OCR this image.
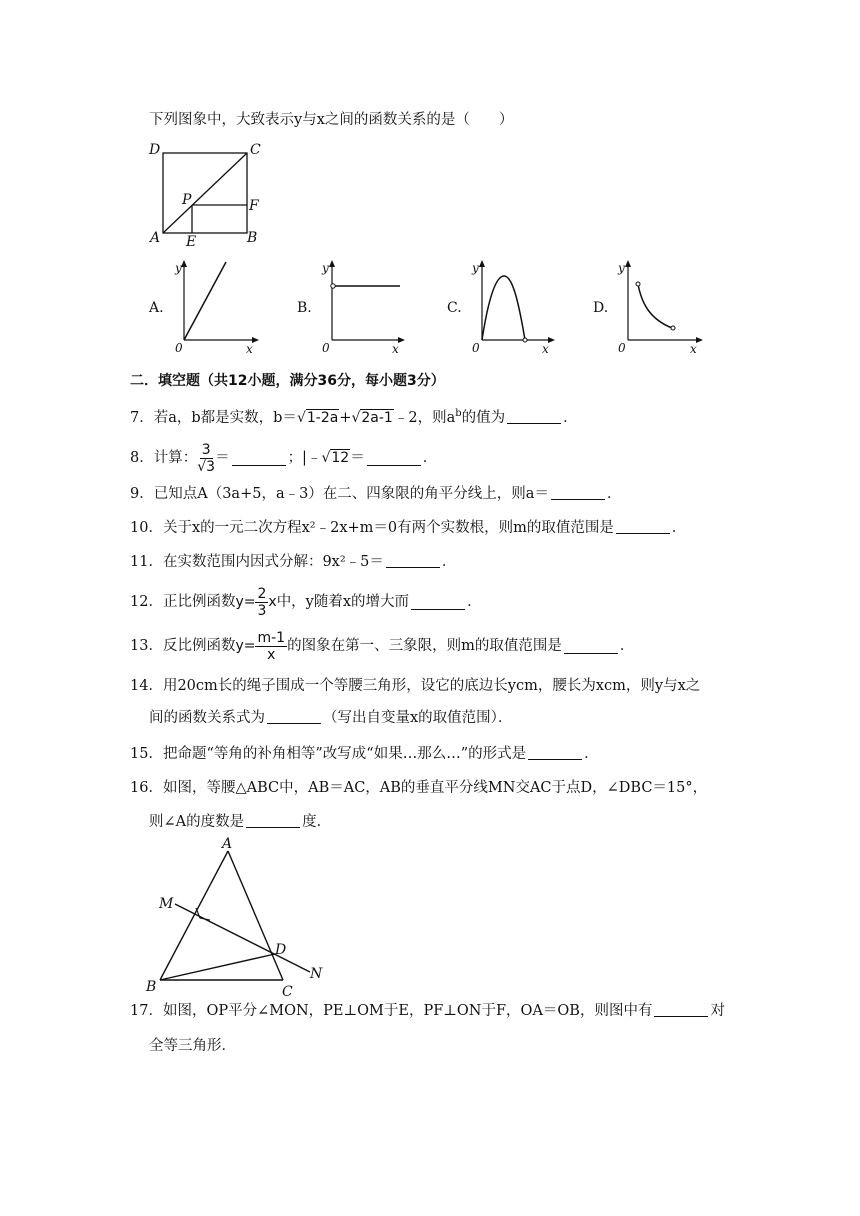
下列图象中，大致表示y与x之间的函数关系的是（　　）
D	C
P	F
A E	B
A.
y
x
0
B.
y
x
0
C.
y
x
0
D.
y
x
0
二．填空题（共12小题，满分36分，每小题3分）
7．若a，b都是实数，b＝√1-2a+√2a-1﹣2，则$a^b$的值为	．
8．计算： $\frac{3}{√3}$ ＝	；|﹣ √12 ＝	．
9．已知点A（3a+5，a﹣3）在二、四象限的角平分线上，则a＝	．
10．关于x的一元二次方程x²﹣2x+m＝0有两个实数根，则m的取值范围是	．
11．在实数范围内因式分解：9x²﹣5＝	．
12．正比例函数 $y= \frac{2}{3}$ x 中，y随着x的增大而	．
13．反比例函数 $y= \frac{m-1}{x}$ 的图象在第一、三象限，则m的取值范围是	．
14．用20cm长的绳子围成一个等腰三角形，设它的底边长ycm，腰长为xcm，则y与x之
间的函数关系式为	（写出自变量x的取值范围）．
15．把命题“等角的补角相等”改写成“如果…那么…”的形式是	．
16．如图，等腰△ABC中，AB＝AC，AB的垂直平分线MN交AC于点D，∠DBC＝15°，
则∠A的度数是	度．
A
M
D
N
B	C
17．如图，OP平分∠MON，PE⊥OM于E，PF⊥ON于F，OA＝OB，则图中有	对
全等三角形．
